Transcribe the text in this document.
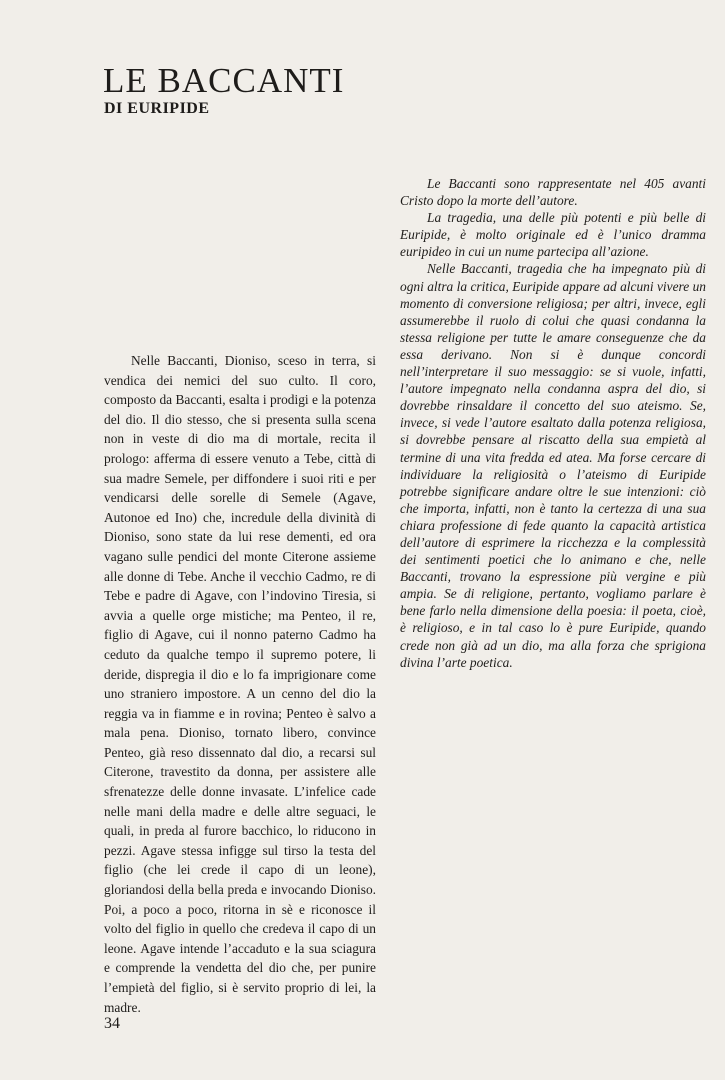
LE BACCANTI
DI EURIPIDE

Le Baccanti sono rappresentate nel 405 avanti Cristo dopo la morte dell’autore.

La tragedia, una delle più potenti e più belle di Euripide, è molto originale ed è l’unico dramma euripideo in cui un nume partecipa all’azione.

Nelle Baccanti, tragedia che ha impegnato più di ogni altra la critica, Euripide appare ad alcuni vivere un momento di conversione religiosa; per altri, invece, egli assumerebbe il ruolo di colui che quasi condanna la stessa religione per tutte le amare conseguenze che da essa derivano. Non si è dunque concordi nell’interpretare il suo messaggio: se si vuole, infatti, l’autore impegnato nella condanna aspra del dio, si dovrebbe rinsaldare il concetto del suo ateismo. Se, invece, si vede l’autore esaltato dalla potenza religiosa, si dovrebbe pensare al riscatto della sua empietà al termine di una vita fredda ed atea. Ma forse cercare di individuare la religiosità o l’ateismo di Euripide potrebbe significare andare oltre le sue intenzioni: ciò che importa, infatti, non è tanto la certezza di una sua chiara professione di fede quanto la capacità artistica dell’autore di esprimere la ricchezza e la complessità dei sentimenti poetici che lo animano e che, nelle Baccanti, trovano la espressione più vergine e più ampia. Se di religione, pertanto, vogliamo parlare è bene farlo nella dimensione della poesia: il poeta, cioè, è religioso, e in tal caso lo è pure Euripide, quando crede non già ad un dio, ma alla forza che sprigiona divina l’arte poetica.

Nelle Baccanti, Dioniso, sceso in terra, si vendica dei nemici del suo culto. Il coro, composto da Baccanti, esalta i prodigi e la potenza del dio. Il dio stesso, che si presenta sulla scena non in veste di dio ma di mortale, recita il prologo: afferma di essere venuto a Tebe, città di sua madre Semele, per diffondere i suoi riti e per vendicarsi delle sorelle di Semele (Agave, Autonoe ed Ino) che, incredule della divinità di Dioniso, sono state da lui rese dementi, ed ora vagano sulle pendici del monte Citerone assieme alle donne di Tebe. Anche il vecchio Cadmo, re di Tebe e padre di Agave, con l’indovino Tiresia, si avvia a quelle orge mistiche; ma Penteo, il re, figlio di Agave, cui il nonno paterno Cadmo ha ceduto da qualche tempo il supremo potere, li deride, dispregia il dio e lo fa imprigionare come uno straniero impostore. A un cenno del dio la reggia va in fiamme e in rovina; Penteo è salvo a mala pena. Dioniso, tornato libero, convince Penteo, già reso dissennato dal dio, a recarsi sul Citerone, travestito da donna, per assistere alle sfrenatezze delle donne invasate. L’infelice cade nelle mani della madre e delle altre seguaci, le quali, in preda al furore bacchico, lo riducono in pezzi. Agave stessa infigge sul tirso la testa del figlio (che lei crede il capo di un leone), gloriandosi della bella preda e invocando Dioniso. Poi, a poco a poco, ritorna in sè e riconosce il volto del figlio in quello che credeva il capo di un leone. Agave intende l’accaduto e la sua sciagura e comprende la vendetta del dio che, per punire l’empietà del figlio, si è servito proprio di lei, la madre.

34
